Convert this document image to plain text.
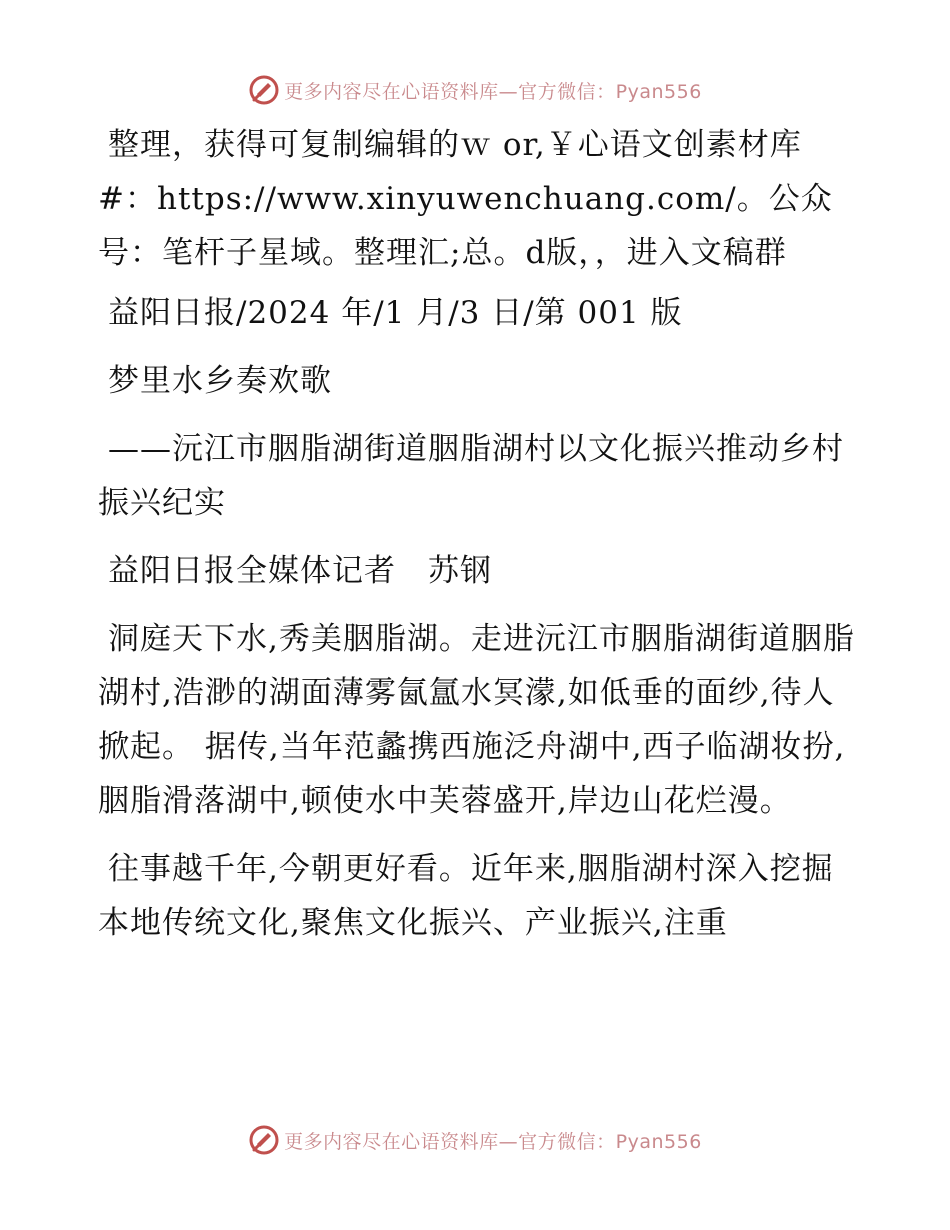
更多内容尽在心语资料库—官方微信：Pyan556

整理，获得可复制编辑的ｗ or,￥心语文创素材库#：https://www.xinyuwenchuang.com/。公众号：笔杆子星域。整理汇;总。d版，，进入文稿群

益阳日报/2024 年/1 月/3 日/第 001 版

梦里水乡奏欢歌

——沅江市胭脂湖街道胭脂湖村以文化振兴推动乡村振兴纪实

益阳日报全媒体记者　苏钢

洞庭天下水,秀美胭脂湖。走进沅江市胭脂湖街道胭脂湖村,浩渺的湖面薄雾氤氲水冥濛,如低垂的面纱,待人掀起。 据传,当年范蠡携西施泛舟湖中,西子临湖妆扮,胭脂滑落湖中,顿使水中芙蓉盛开,岸边山花烂漫。

往事越千年,今朝更好看。近年来,胭脂湖村深入挖掘本地传统文化,聚焦文化振兴、产业振兴,注重

更多内容尽在心语资料库—官方微信：Pyan556
